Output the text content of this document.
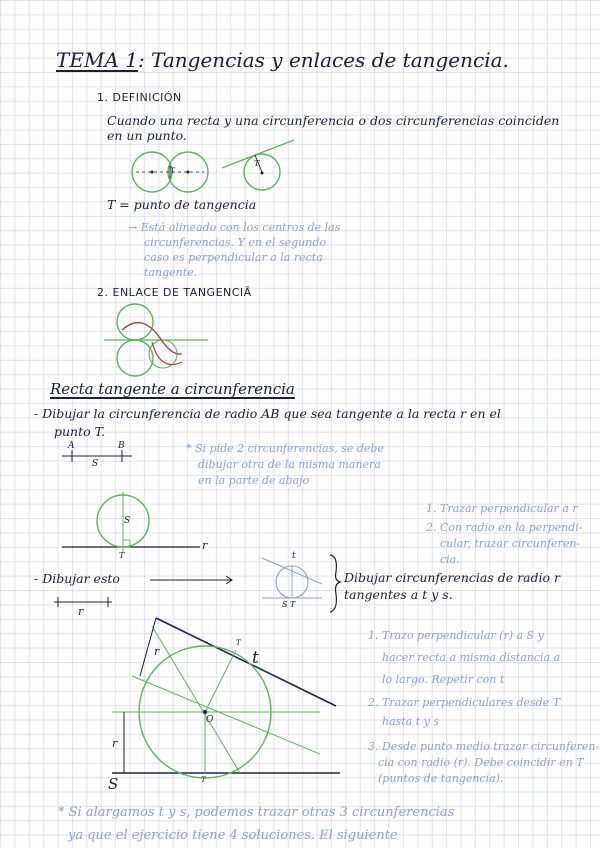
TEMA 1: Tangencias y enlaces de tangencia.
1. DEFINICIÓN
Cuando una recta y una circunferencia o dos circunferencias coinciden
en un punto.
T
T
T = punto de tangencia
→ Está alineado con los centros de las
circunferencias. Y en el segundo
caso es perpendicular a la recta
tangente.
2. ENLACE DE TANGENCIĀ
Recta tangente a circunferencia
- Dibujar la circunferencia de radio AB que sea tangente a la recta r en el
punto T.
A	B
S
* Si pide 2 circunferencias, se debe
dibujar otra de la misma manera
en la parte de abajo
S
T
r
1. Trazar perpendicular a r
2. Con radio en la perpendi-
cular, trazar circunferen-
cia.
- Dibujar esto
r
t
S T
Dibujar circunferencias de radio r
tangentes a t y s.
r
T
t
O
r
T
S
1. Trazo perpendicular (r) a S y
hacer recta a misma distancia a
lo largo. Repetir con t
2. Trazar perpendiculares desde T
hasta t y s
3. Desde punto medio trazar circunferen-
cia con radio (r). Debe coincidir en T
(puntos de tangencia).
* Si alargamos t y s, podemos trazar otras 3 circunferencias
ya que el ejercicio tiene 4 soluciones. El siguiente
